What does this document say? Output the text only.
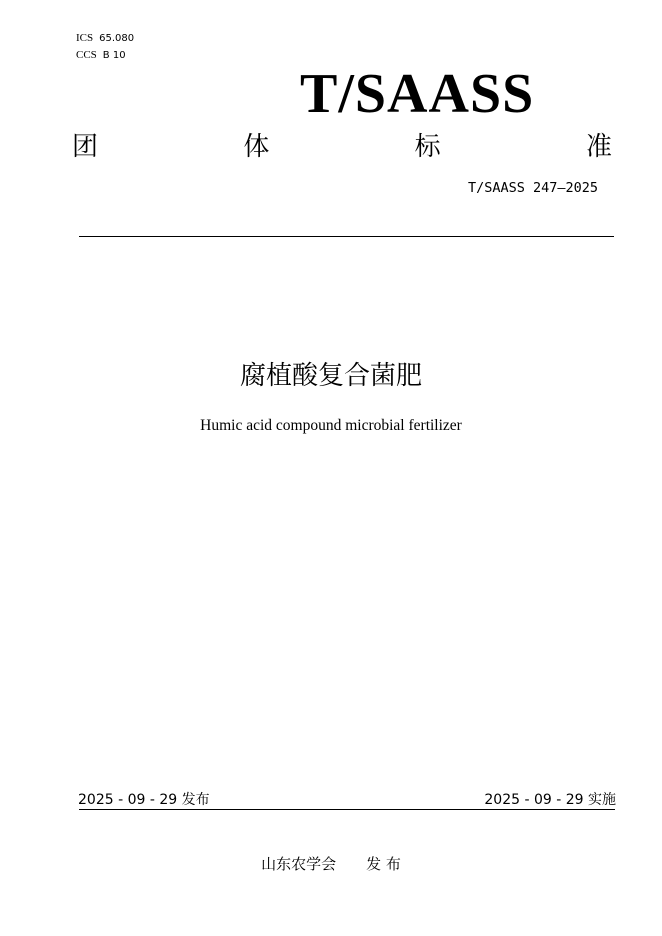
ICS 65.080
CCS B 10
T/SAASS
团	体	标	准
T/SAASS 247—2025
腐植酸复合菌肥
Humic acid compound microbial fertilizer
2025 - 09 - 29 发布	2025 - 09 - 29 实施
山东农学会　　发 布
